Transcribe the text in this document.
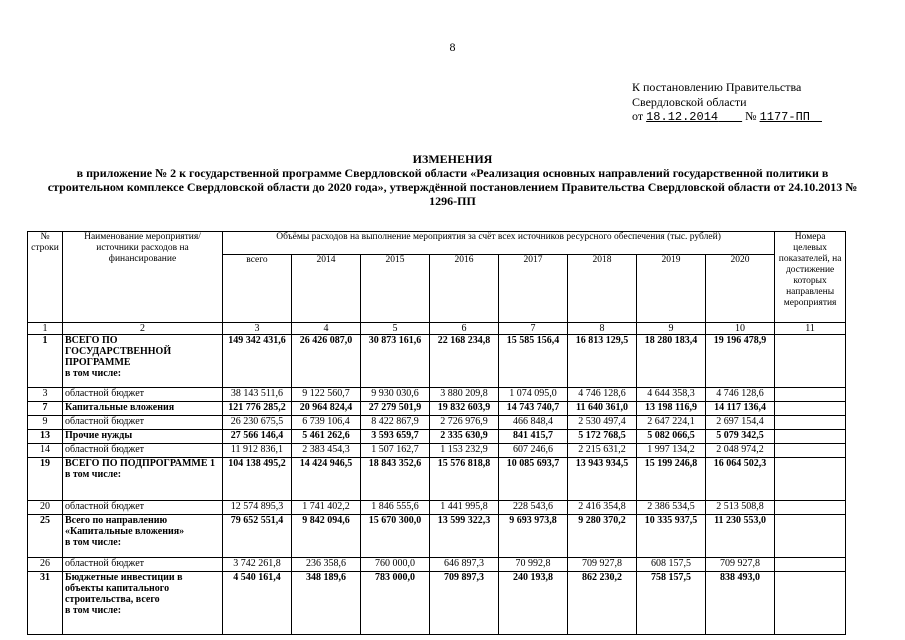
8
К постановлению Правительства
Свердловской области
от 18.12.2014   № 1177-ПП 
ИЗМЕНЕНИЯ
в приложение № 2 к государственной программе Свердловской области «Реализация основных направлений государственной политики в строительном комплексе Свердловской области до 2020 года», утверждённой постановлением Правительства Свердловской области от 24.10.2013 № 1296-ПП
№ строки	Наименование мероприятия/источники расходов на финансирование	Объёмы расходов на выполнение мероприятия за счёт всех источников ресурсного обеспечения (тыс. рублей)								Номера целевых показателей, на достижение которых направлены мероприятия
		всего	2014	2015	2016	2017	2018	2019	2020	
1	2	3	4	5	6	7	8	9	10	11
1	ВСЕГО ПО ГОСУДАРСТВЕННОЙ ПРОГРАММЕ
в том числе:	149 342 431,6	26 426 087,0	30 873 161,6	22 168 234,8	15 585 156,4	16 813 129,5	18 280 183,4	19 196 478,9	
3	областной бюджет	38 143 511,6	9 122 560,7	9 930 030,6	3 880 209,8	1 074 095,0	4 746 128,6	4 644 358,3	4 746 128,6	
7	Капитальные вложения	121 776 285,2	20 964 824,4	27 279 501,9	19 832 603,9	14 743 740,7	11 640 361,0	13 198 116,9	14 117 136,4	
9	областной бюджет	26 230 675,5	6 739 106,4	8 422 867,9	2 726 976,9	466 848,4	2 530 497,4	2 647 224,1	2 697 154,4	
13	Прочие нужды	27 566 146,4	5 461 262,6	3 593 659,7	2 335 630,9	841 415,7	5 172 768,5	5 082 066,5	5 079 342,5	
14	областной бюджет	11 912 836,1	2 383 454,3	1 507 162,7	1 153 232,9	607 246,6	2 215 631,2	1 997 134,2	2 048 974,2	
19	ВСЕГО ПО ПОДПРОГРАММЕ 1
в том числе:	104 138 495,2	14 424 946,5	18 843 352,6	15 576 818,8	10 085 693,7	13 943 934,5	15 199 246,8	16 064 502,3	
20	областной бюджет	12 574 895,3	1 741 402,2	1 846 555,6	1 441 995,8	228 543,6	2 416 354,8	2 386 534,5	2 513 508,8	
25	Всего по направлению «Капитальные вложения»
в том числе:	79 652 551,4	9 842 094,6	15 670 300,0	13 599 322,3	9 693 973,8	9 280 370,2	10 335 937,5	11 230 553,0	
26	областной бюджет	3 742 261,8	236 358,6	760 000,0	646 897,3	70 992,8	709 927,8	608 157,5	709 927,8	
31	Бюджетные инвестиции в объекты капитального строительства, всего
в том числе:	4 540 161,4	348 189,6	783 000,0	709 897,3	240 193,8	862 230,2	758 157,5	838 493,0	
